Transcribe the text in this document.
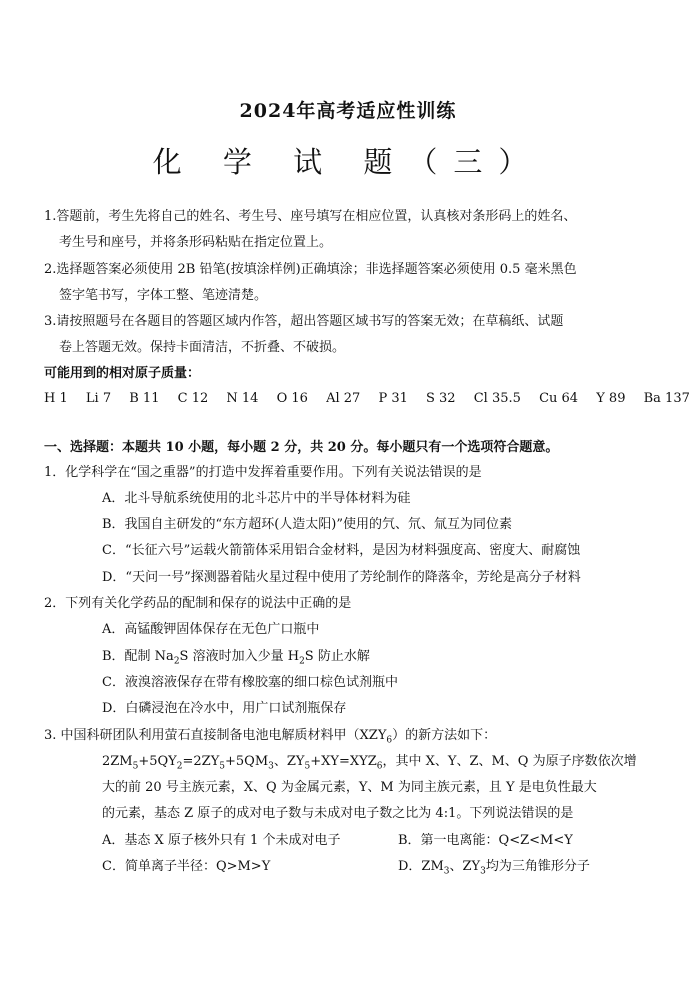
2024年高考适应性训练
化 学 试 题（三）
1.答题前，考生先将自己的姓名、考生号、座号填写在相应位置，认真核对条形码上的姓名、
考生号和座号，并将条形码粘贴在指定位置上。
2.选择题答案必须使用 2B 铅笔(按填涂样例)正确填涂；非选择题答案必须使用 0.5 毫米黑色
签字笔书写，字体工整、笔迹清楚。
3.请按照题号在各题目的答题区域内作答，超出答题区域书写的答案无效；在草稿纸、试题
卷上答题无效。保持卡面清洁，不折叠、不破损。
可能用到的相对原子质量：
H 1 Li 7 B 11 C 12 N 14 O 16 Al 27 P 31 S 32 Cl 35.5 Cu 64 Y 89 Ba 137
一、选择题：本题共 10 小题，每小题 2 分，共 20 分。每小题只有一个选项符合题意。
1．化学科学在“国之重器”的打造中发挥着重要作用。下列有关说法错误的是
A．北斗导航系统使用的北斗芯片中的半导体材料为硅
B．我国自主研发的“东方超环(人造太阳)”使用的氕、氘、氚互为同位素
C．“长征六号”运载火箭箭体采用铝合金材料，是因为材料强度高、密度大、耐腐蚀
D．“天问一号”探测器着陆火星过程中使用了芳纶制作的降落伞，芳纶是高分子材料
2．下列有关化学药品的配制和保存的说法中正确的是
A．高锰酸钾固体保存在无色广口瓶中
B．配制 $Na_2S$ 溶液时加入少量 $H_2S$ 防止水解
C．液溴溶液保存在带有橡胶塞的细口棕色试剂瓶中
D．白磷浸泡在冷水中，用广口试剂瓶保存
3. 中国科研团队利用萤石直接制备电池电解质材料甲$(XZY_6)$的新方法如下：
$2ZM_5+5QY_2=2ZY_5+5QM_3$、$ZY_5+XY=XYZ_6$，其中 X、Y、Z、M、Q 为原子序数依次增
大的前 20 号主族元素，X、Q 为金属元素，Y、M 为同主族元素，且 Y 是电负性最大
的元素，基态 Z 原子的成对电子数与未成对电子数之比为 4:1。下列说法错误的是
A．基态 X 原子核外只有 1 个未成对电子	B．第一电离能：Q<Z<M<Y
C．简单离子半径：Q>M>Y	D．$ZM_3$、$ZY_3$均为三角锥形分子
